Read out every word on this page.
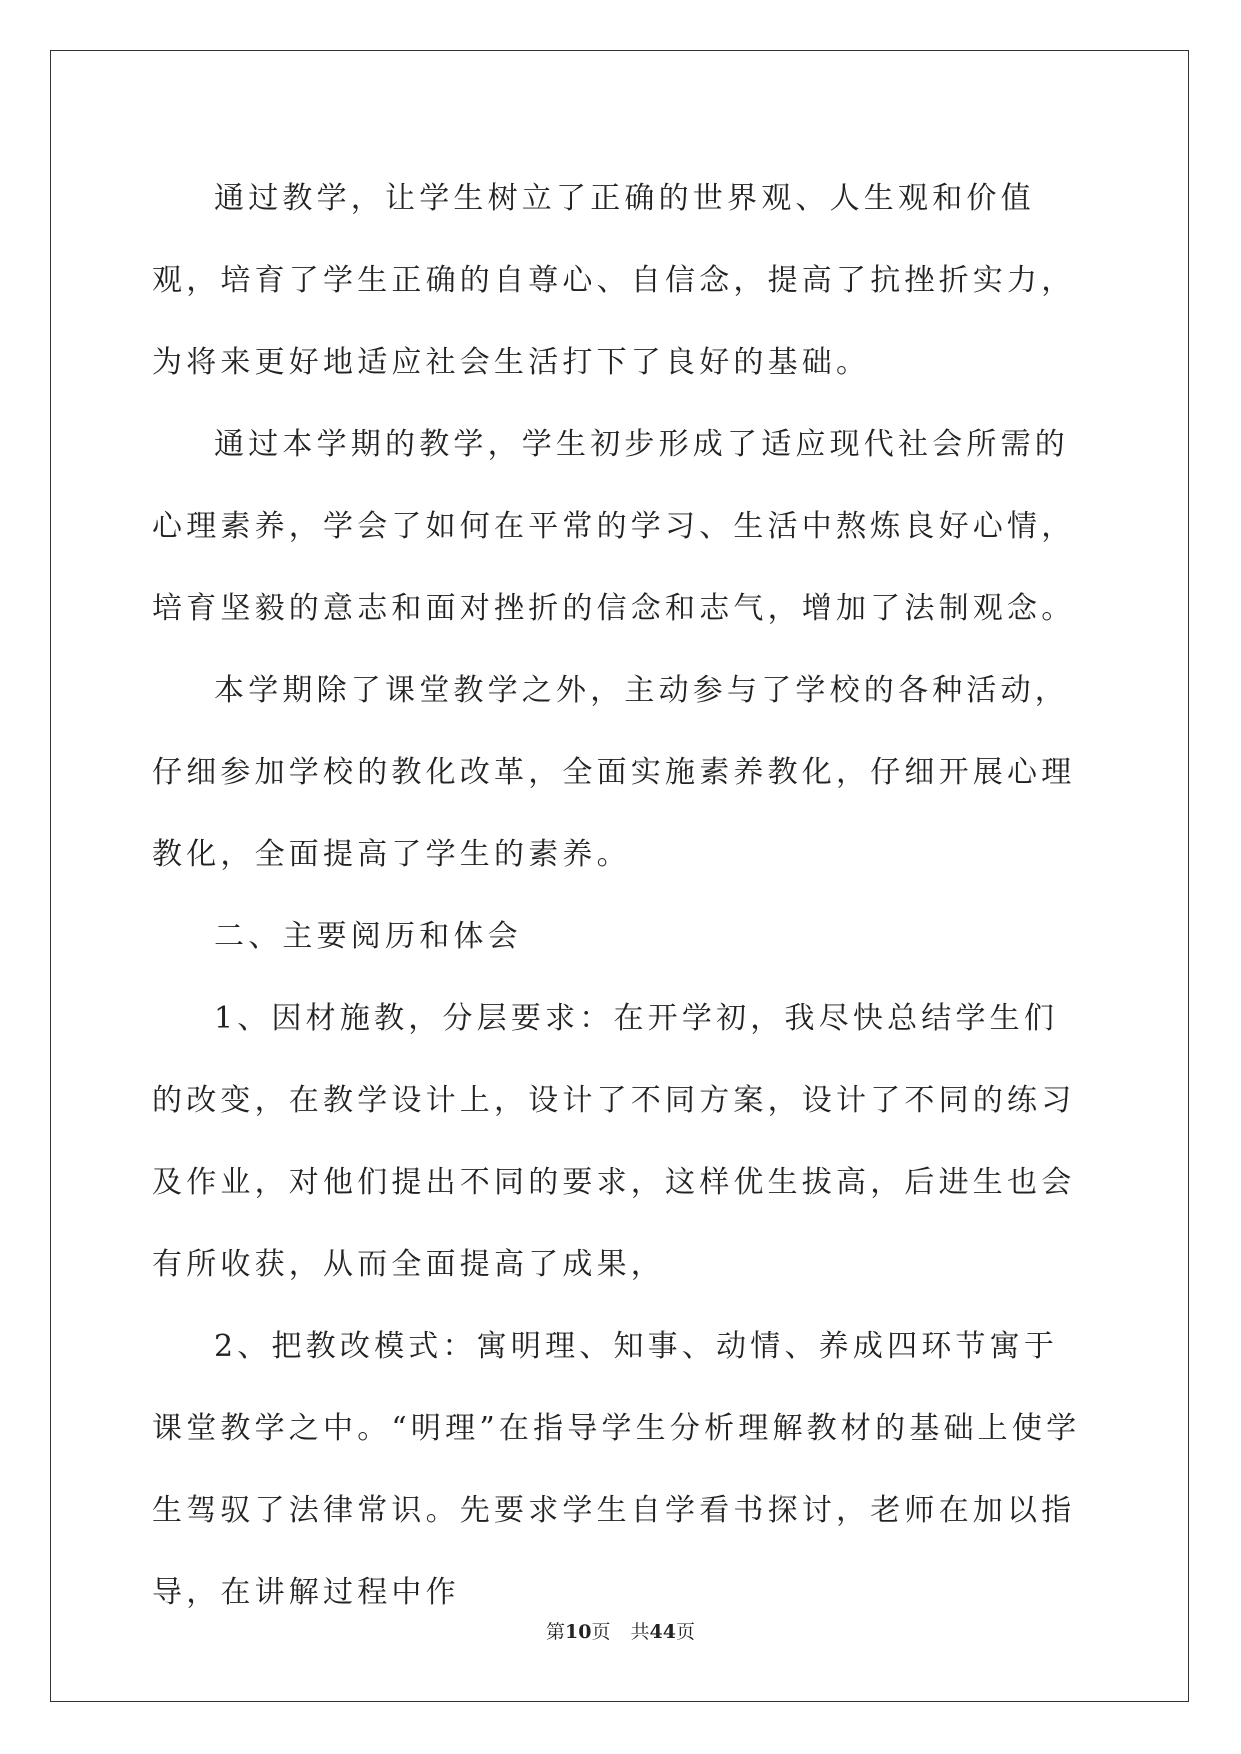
通过教学，让学生树立了正确的世界观、人生观和价值观，培育了学生正确的自尊心、自信念，提高了抗挫折实力，为将来更好地适应社会生活打下了良好的基础。

通过本学期的教学，学生初步形成了适应现代社会所需的心理素养，学会了如何在平常的学习、生活中熬炼良好心情，培育坚毅的意志和面对挫折的信念和志气，增加了法制观念。

本学期除了课堂教学之外，主动参与了学校的各种活动，仔细参加学校的教化改革，全面实施素养教化，仔细开展心理教化，全面提高了学生的素养。

二、主要阅历和体会

1、因材施教，分层要求：在开学初，我尽快总结学生们的改变，在教学设计上，设计了不同方案，设计了不同的练习及作业，对他们提出不同的要求，这样优生拔高，后进生也会有所收获，从而全面提高了成果，

2、把教改模式：寓明理、知事、动情、养成四环节寓于课堂教学之中。“明理”在指导学生分析理解教材的基础上使学生驾驭了法律常识。先要求学生自学看书探讨，老师在加以指导，在讲解过程中作

第10页 共44页
